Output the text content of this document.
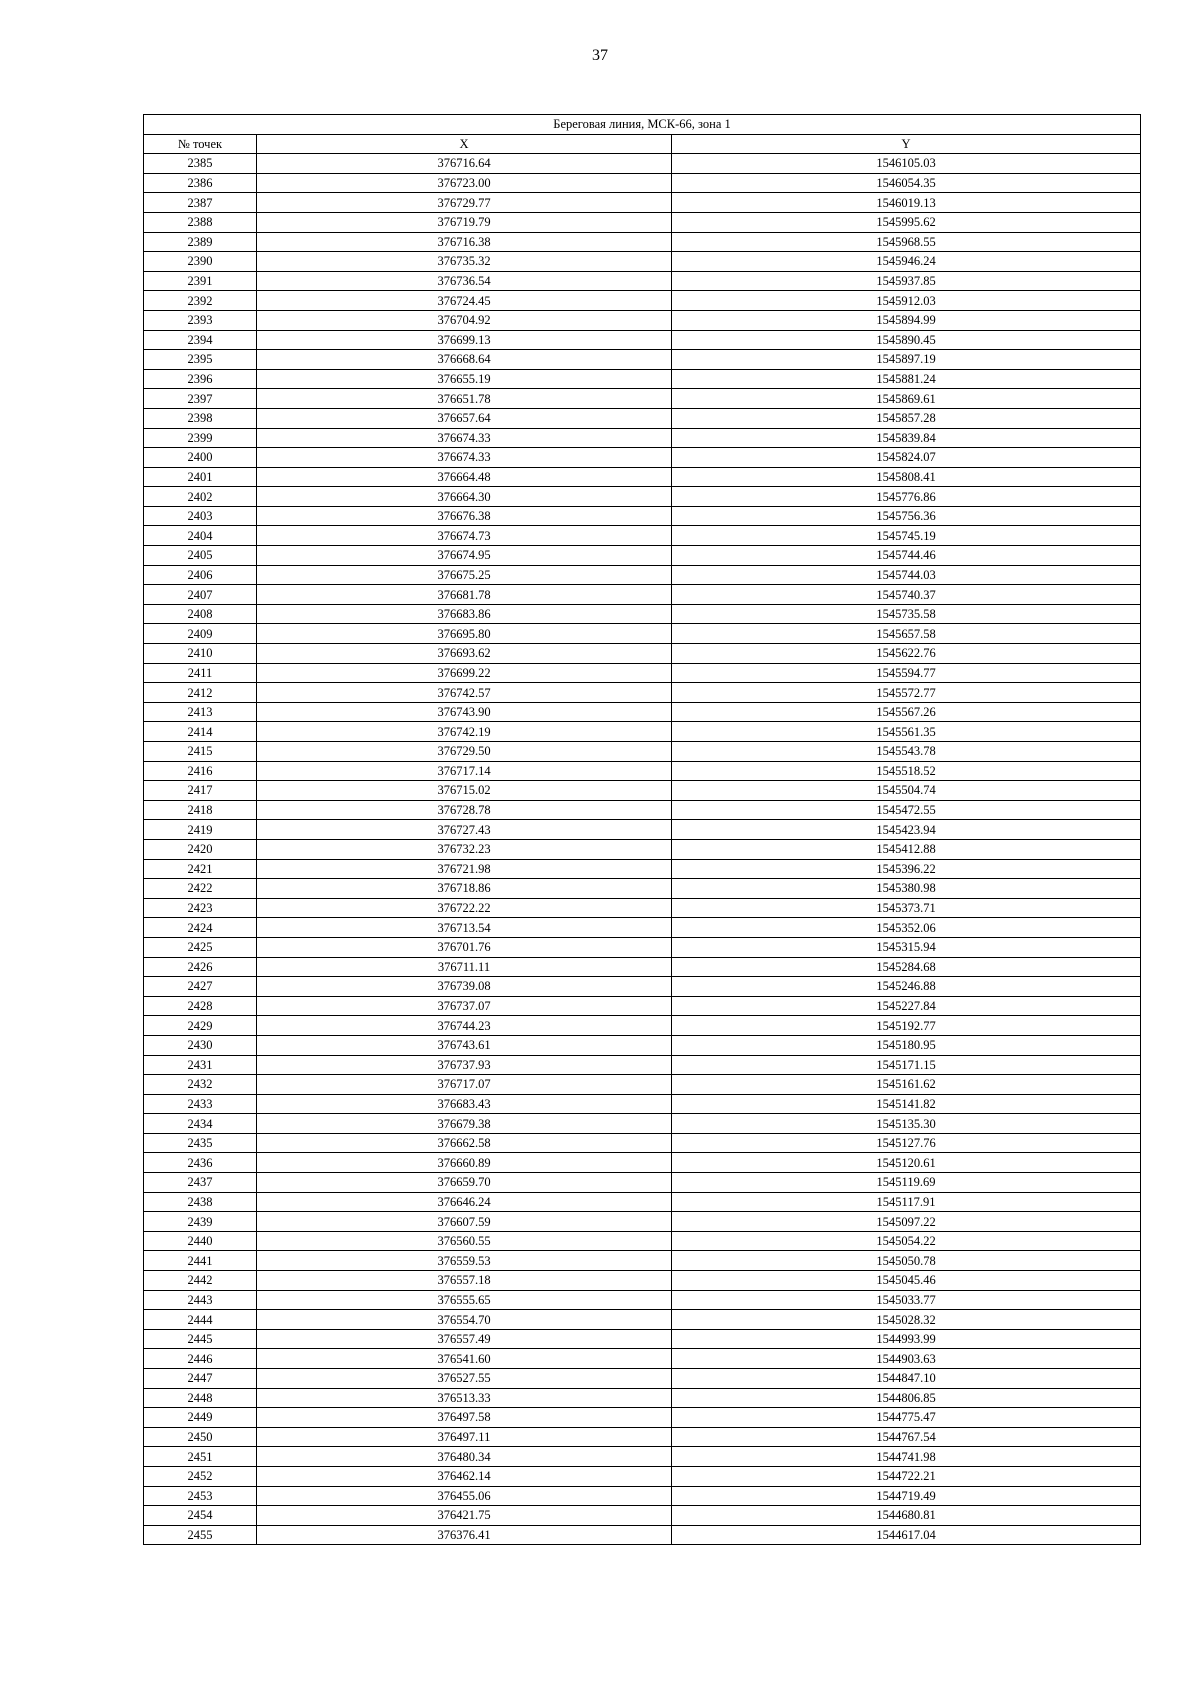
37
Береговая линия, МСК-66, зона 1		
№ точек	X	Y
2385	376716.64	1546105.03
2386	376723.00	1546054.35
2387	376729.77	1546019.13
2388	376719.79	1545995.62
2389	376716.38	1545968.55
2390	376735.32	1545946.24
2391	376736.54	1545937.85
2392	376724.45	1545912.03
2393	376704.92	1545894.99
2394	376699.13	1545890.45
2395	376668.64	1545897.19
2396	376655.19	1545881.24
2397	376651.78	1545869.61
2398	376657.64	1545857.28
2399	376674.33	1545839.84
2400	376674.33	1545824.07
2401	376664.48	1545808.41
2402	376664.30	1545776.86
2403	376676.38	1545756.36
2404	376674.73	1545745.19
2405	376674.95	1545744.46
2406	376675.25	1545744.03
2407	376681.78	1545740.37
2408	376683.86	1545735.58
2409	376695.80	1545657.58
2410	376693.62	1545622.76
2411	376699.22	1545594.77
2412	376742.57	1545572.77
2413	376743.90	1545567.26
2414	376742.19	1545561.35
2415	376729.50	1545543.78
2416	376717.14	1545518.52
2417	376715.02	1545504.74
2418	376728.78	1545472.55
2419	376727.43	1545423.94
2420	376732.23	1545412.88
2421	376721.98	1545396.22
2422	376718.86	1545380.98
2423	376722.22	1545373.71
2424	376713.54	1545352.06
2425	376701.76	1545315.94
2426	376711.11	1545284.68
2427	376739.08	1545246.88
2428	376737.07	1545227.84
2429	376744.23	1545192.77
2430	376743.61	1545180.95
2431	376737.93	1545171.15
2432	376717.07	1545161.62
2433	376683.43	1545141.82
2434	376679.38	1545135.30
2435	376662.58	1545127.76
2436	376660.89	1545120.61
2437	376659.70	1545119.69
2438	376646.24	1545117.91
2439	376607.59	1545097.22
2440	376560.55	1545054.22
2441	376559.53	1545050.78
2442	376557.18	1545045.46
2443	376555.65	1545033.77
2444	376554.70	1545028.32
2445	376557.49	1544993.99
2446	376541.60	1544903.63
2447	376527.55	1544847.10
2448	376513.33	1544806.85
2449	376497.58	1544775.47
2450	376497.11	1544767.54
2451	376480.34	1544741.98
2452	376462.14	1544722.21
2453	376455.06	1544719.49
2454	376421.75	1544680.81
2455	376376.41	1544617.04
